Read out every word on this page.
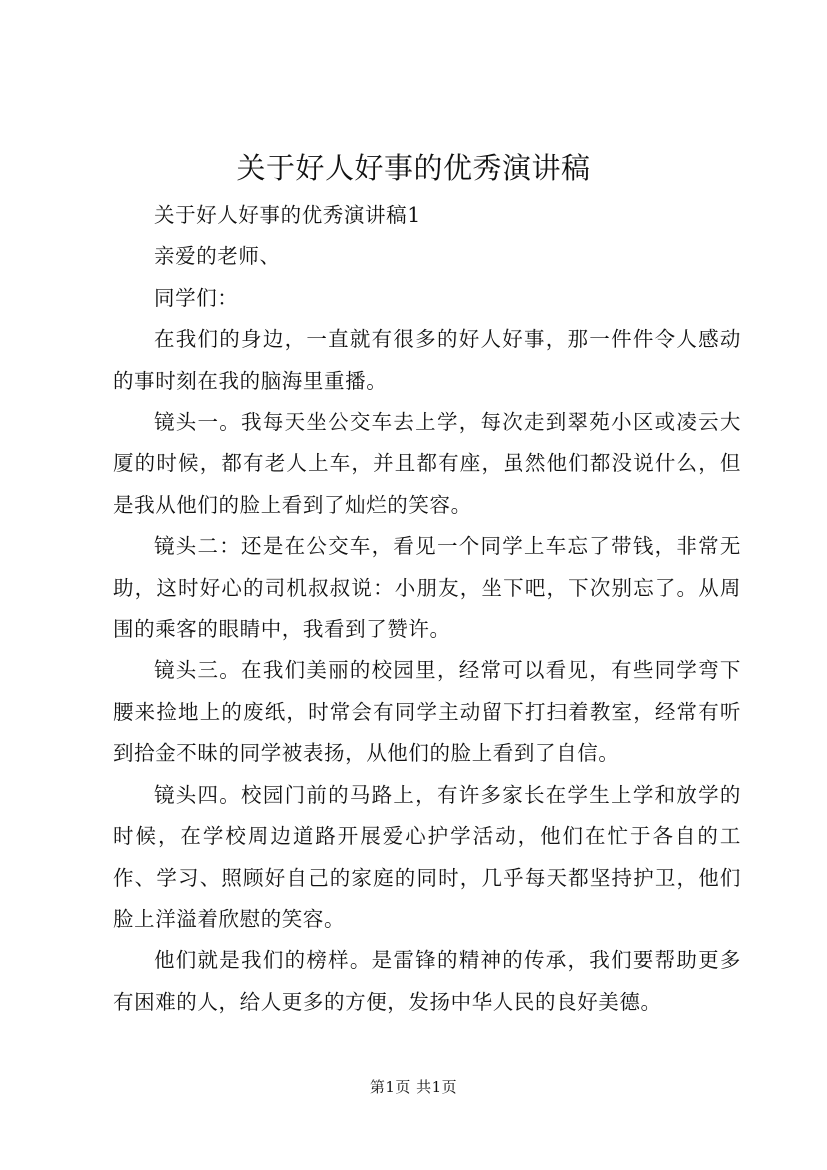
关于好人好事的优秀演讲稿

关于好人好事的优秀演讲稿1

亲爱的老师、

同学们：

在我们的身边，一直就有很多的好人好事，那一件件令人感动的事时刻在我的脑海里重播。

镜头一。我每天坐公交车去上学，每次走到翠苑小区或凌云大厦的时候，都有老人上车，并且都有座，虽然他们都没说什么，但是我从他们的脸上看到了灿烂的笑容。

镜头二：还是在公交车，看见一个同学上车忘了带钱，非常无助，这时好心的司机叔叔说：小朋友，坐下吧，下次别忘了。从周围的乘客的眼睛中，我看到了赞许。

镜头三。在我们美丽的校园里，经常可以看见，有些同学弯下腰来捡地上的废纸，时常会有同学主动留下打扫着教室，经常有听到拾金不昧的同学被表扬，从他们的脸上看到了自信。

镜头四。校园门前的马路上，有许多家长在学生上学和放学的时候，在学校周边道路开展爱心护学活动，他们在忙于各自的工作、学习、照顾好自己的家庭的同时，几乎每天都坚持护卫，他们脸上洋溢着欣慰的笑容。

他们就是我们的榜样。是雷锋的精神的传承，我们要帮助更多有困难的人，给人更多的方便，发扬中华人民的良好美德。

第1页 共1页
